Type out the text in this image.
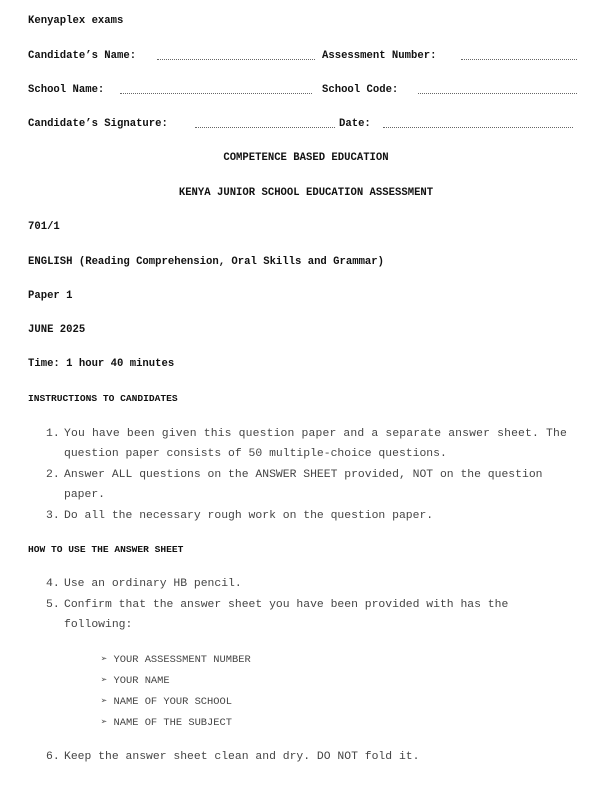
Kenyaplex exams
Candidate’s Name:	Assessment Number:
School Name:	School Code:
Candidate’s Signature:	Date:
COMPETENCE BASED EDUCATION
KENYA JUNIOR SCHOOL EDUCATION ASSESSMENT
701/1
ENGLISH (Reading Comprehension, Oral Skills and Grammar)
Paper 1
JUNE 2025
Time: 1 hour 40 minutes
INSTRUCTIONS TO CANDIDATES
1. You have been given this question paper and a separate answer sheet. The
question paper consists of 50 multiple-choice questions.
2. Answer ALL questions on the ANSWER SHEET provided, NOT on the question
paper.
3. Do all the necessary rough work on the question paper.
HOW TO USE THE ANSWER SHEET
4. Use an ordinary HB pencil.
5. Confirm that the answer sheet you have been provided with has the
following:
➢ YOUR ASSESSMENT NUMBER
➢ YOUR NAME
➢ NAME OF YOUR SCHOOL
➢ NAME OF THE SUBJECT
6. Keep the answer sheet clean and dry. DO NOT fold it.
